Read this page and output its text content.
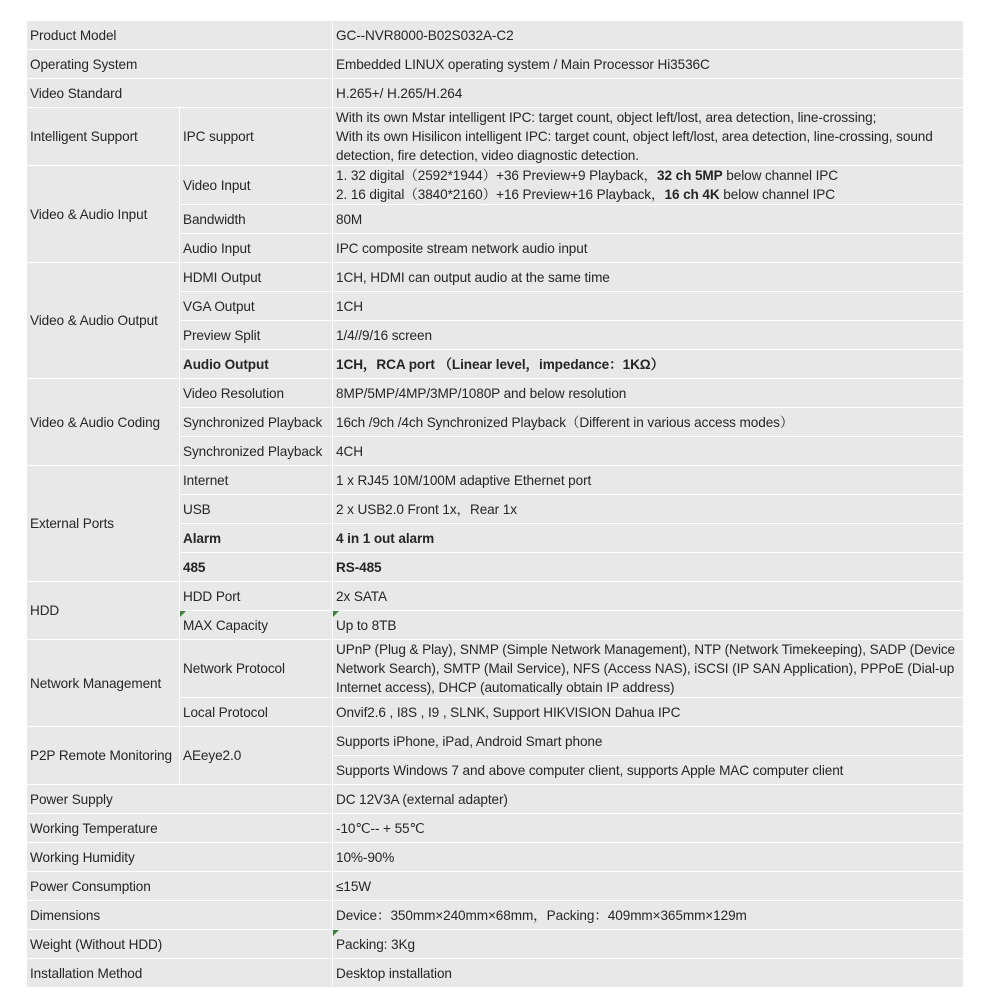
Product Model		GC--NVR8000-B02S032A-C2
Operating System		Embedded LINUX operating system / Main Processor Hi3536C
Video Standard		H.265+/ H.265/H.264
Intelligent Support	IPC support	With its own Mstar intelligent IPC: target count, object left/lost, area detection, line-crossing;
With its own Hisilicon intelligent IPC: target count, object left/lost, area detection, line-crossing, sound detection, fire detection, video diagnostic detection.

Video & Audio Input	Video Input	1. 32 digital（2592*1944）+36 Preview+9 Playback，32 ch 5MP below channel IPC
2. 16 digital（3840*2160）+16 Preview+16 Playback，16 ch 4K below channel IPC

	Bandwidth	80M
	Audio Input	IPC composite stream network audio input
Video & Audio Output	HDMI Output	1CH, HDMI can output audio at the same time
	VGA Output	1CH
	Preview Split	1/4//9/16 screen
	Audio Output	1CH，RCA port （Linear level，impedance：1KΩ）
Video & Audio Coding	Video Resolution	8MP/5MP/4MP/3MP/1080P and below resolution
	Synchronized Playback	16ch /9ch /4ch Synchronized Playback（Different in various access modes）
	Synchronized Playback	4CH
External Ports	Internet	1 x RJ45 10M/100M adaptive Ethernet port
	USB	2 x USB2.0 Front 1x，Rear 1x
	Alarm	4 in 1 out alarm
	485	RS-485
HDD	HDD Port	2x SATA
	MAX Capacity	Up to 8TB
Network Management	Network Protocol	UPnP (Plug & Play), SNMP (Simple Network Management), NTP (Network Timekeeping), SADP (Device Network Search), SMTP (Mail Service), NFS (Access NAS), iSCSI (IP SAN Application), PPPoE (Dial-up Internet access), DHCP (automatically obtain IP address)
	Local Protocol	Onvif2.6 , I8S , I9 , SLNK, Support HIKVISION Dahua IPC
P2P Remote Monitoring	AEeye2.0	Supports iPhone, iPad, Android Smart phone
		Supports Windows 7 and above computer client, supports Apple MAC computer client
Power Supply		DC 12V3A (external adapter)
Working Temperature		-10℃-- + 55℃
Working Humidity		10%-90%
Power Consumption		≤15W
Dimensions		Device：350mm×240mm×68mm，Packing：409mm×365mm×129m
Weight (Without HDD)		Packing: 3Kg
Installation Method		Desktop installation
